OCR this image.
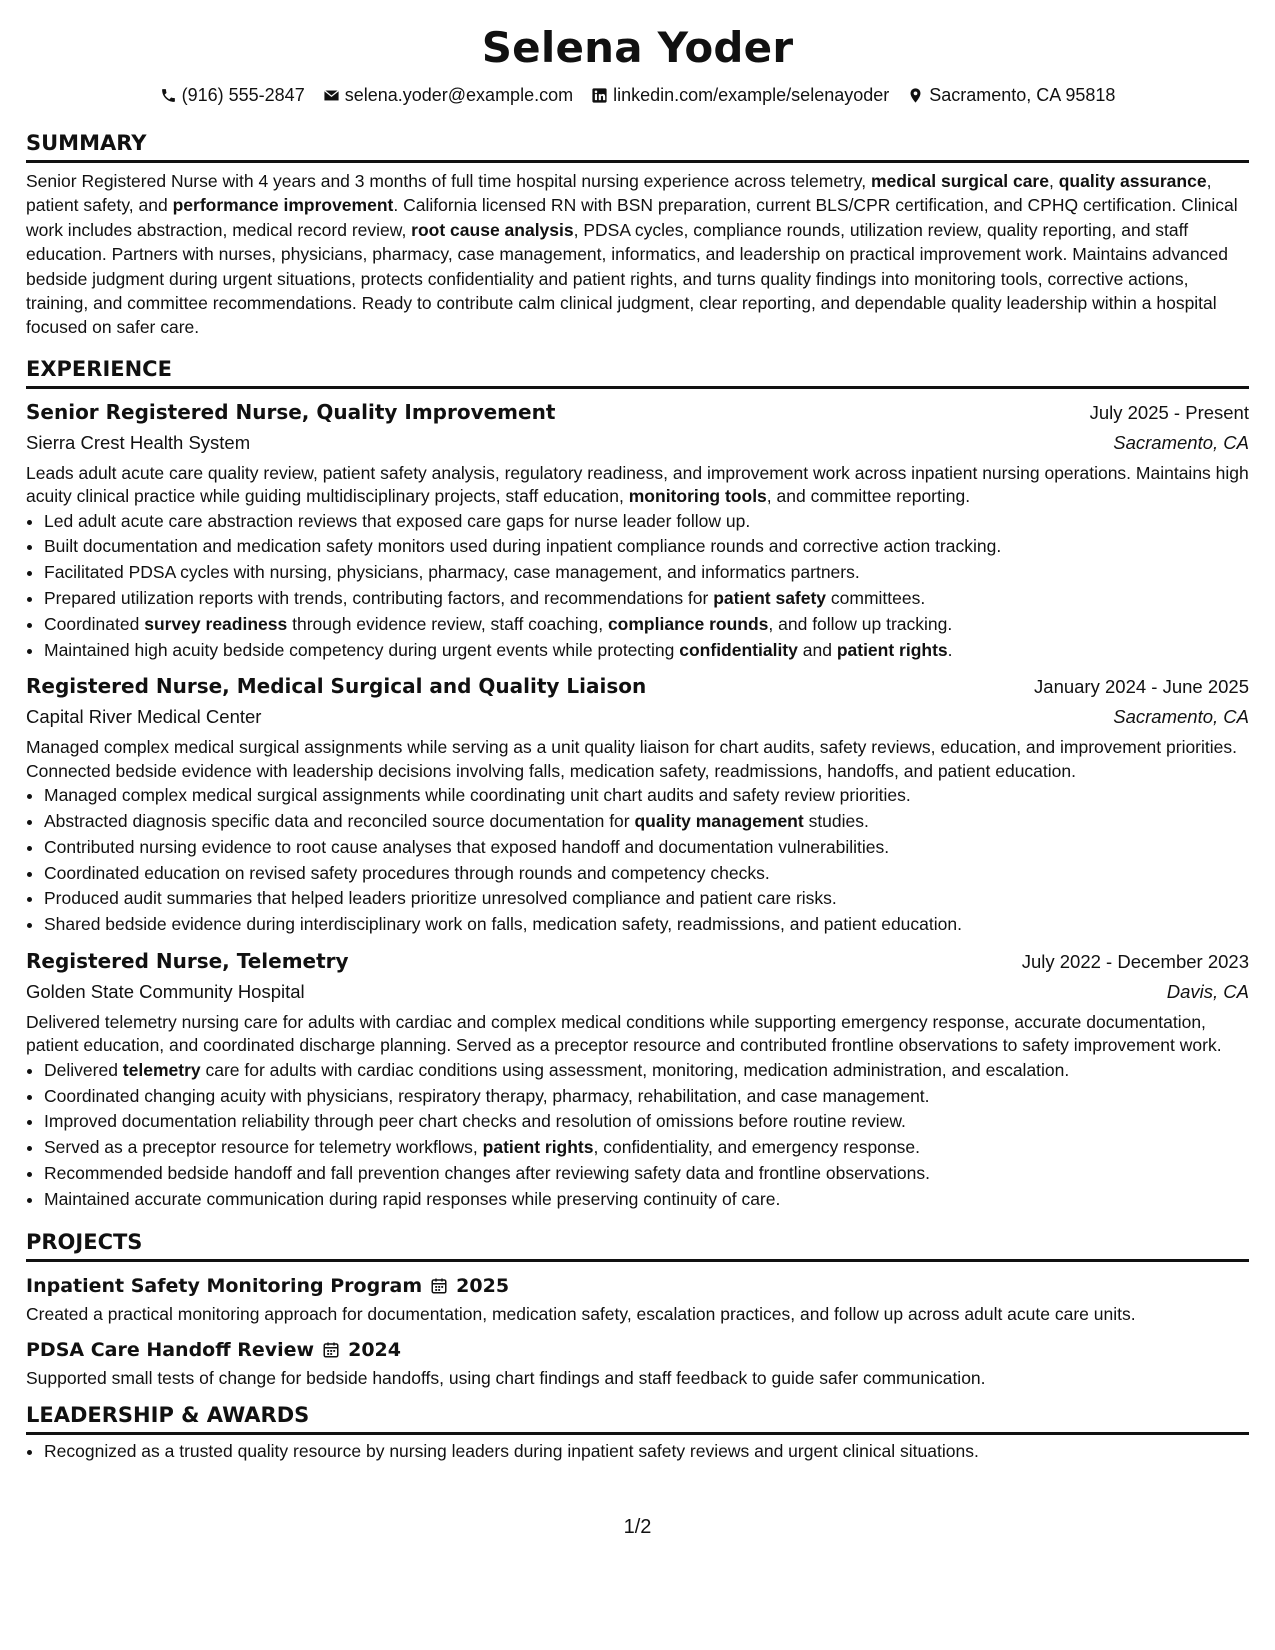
Selena Yoder
(916) 555-2847 selena.yoder@example.com linkedin.com/example/selenayoder Sacramento, CA 95818
SUMMARY
Senior Registered Nurse with 4 years and 3 months of full time hospital nursing experience across telemetry, medical surgical care, quality assurance, patient safety, and performance improvement. California licensed RN with BSN preparation, current BLS/CPR certification, and CPHQ certification. Clinical work includes abstraction, medical record review, root cause analysis, PDSA cycles, compliance rounds, utilization review, quality reporting, and staff education. Partners with nurses, physicians, pharmacy, case management, informatics, and leadership on practical improvement work. Maintains advanced bedside judgment during urgent situations, protects confidentiality and patient rights, and turns quality findings into monitoring tools, corrective actions, training, and committee recommendations. Ready to contribute calm clinical judgment, clear reporting, and dependable quality leadership within a hospital focused on safer care.
EXPERIENCE
Senior Registered Nurse, Quality Improvement	July 2025 - Present
Sierra Crest Health System	Sacramento, CA
Leads adult acute care quality review, patient safety analysis, regulatory readiness, and improvement work across inpatient nursing operations. Maintains high acuity clinical practice while guiding multidisciplinary projects, staff education, monitoring tools, and committee reporting.
• Led adult acute care abstraction reviews that exposed care gaps for nurse leader follow up.
• Built documentation and medication safety monitors used during inpatient compliance rounds and corrective action tracking.
• Facilitated PDSA cycles with nursing, physicians, pharmacy, case management, and informatics partners.
• Prepared utilization reports with trends, contributing factors, and recommendations for patient safety committees.
• Coordinated survey readiness through evidence review, staff coaching, compliance rounds, and follow up tracking.
• Maintained high acuity bedside competency during urgent events while protecting confidentiality and patient rights.
Registered Nurse, Medical Surgical and Quality Liaison	January 2024 - June 2025
Capital River Medical Center	Sacramento, CA
Managed complex medical surgical assignments while serving as a unit quality liaison for chart audits, safety reviews, education, and improvement priorities. Connected bedside evidence with leadership decisions involving falls, medication safety, readmissions, handoffs, and patient education.
• Managed complex medical surgical assignments while coordinating unit chart audits and safety review priorities.
• Abstracted diagnosis specific data and reconciled source documentation for quality management studies.
• Contributed nursing evidence to root cause analyses that exposed handoff and documentation vulnerabilities.
• Coordinated education on revised safety procedures through rounds and competency checks.
• Produced audit summaries that helped leaders prioritize unresolved compliance and patient care risks.
• Shared bedside evidence during interdisciplinary work on falls, medication safety, readmissions, and patient education.
Registered Nurse, Telemetry	July 2022 - December 2023
Golden State Community Hospital	Davis, CA
Delivered telemetry nursing care for adults with cardiac and complex medical conditions while supporting emergency response, accurate documentation, patient education, and coordinated discharge planning. Served as a preceptor resource and contributed frontline observations to safety improvement work.
• Delivered telemetry care for adults with cardiac conditions using assessment, monitoring, medication administration, and escalation.
• Coordinated changing acuity with physicians, respiratory therapy, pharmacy, rehabilitation, and case management.
• Improved documentation reliability through peer chart checks and resolution of omissions before routine review.
• Served as a preceptor resource for telemetry workflows, patient rights, confidentiality, and emergency response.
• Recommended bedside handoff and fall prevention changes after reviewing safety data and frontline observations.
• Maintained accurate communication during rapid responses while preserving continuity of care.
PROJECTS
Inpatient Safety Monitoring Program 2025
Created a practical monitoring approach for documentation, medication safety, escalation practices, and follow up across adult acute care units.
PDSA Care Handoff Review 2024
Supported small tests of change for bedside handoffs, using chart findings and staff feedback to guide safer communication.
LEADERSHIP & AWARDS
• Recognized as a trusted quality resource by nursing leaders during inpatient safety reviews and urgent clinical situations.
1/2
